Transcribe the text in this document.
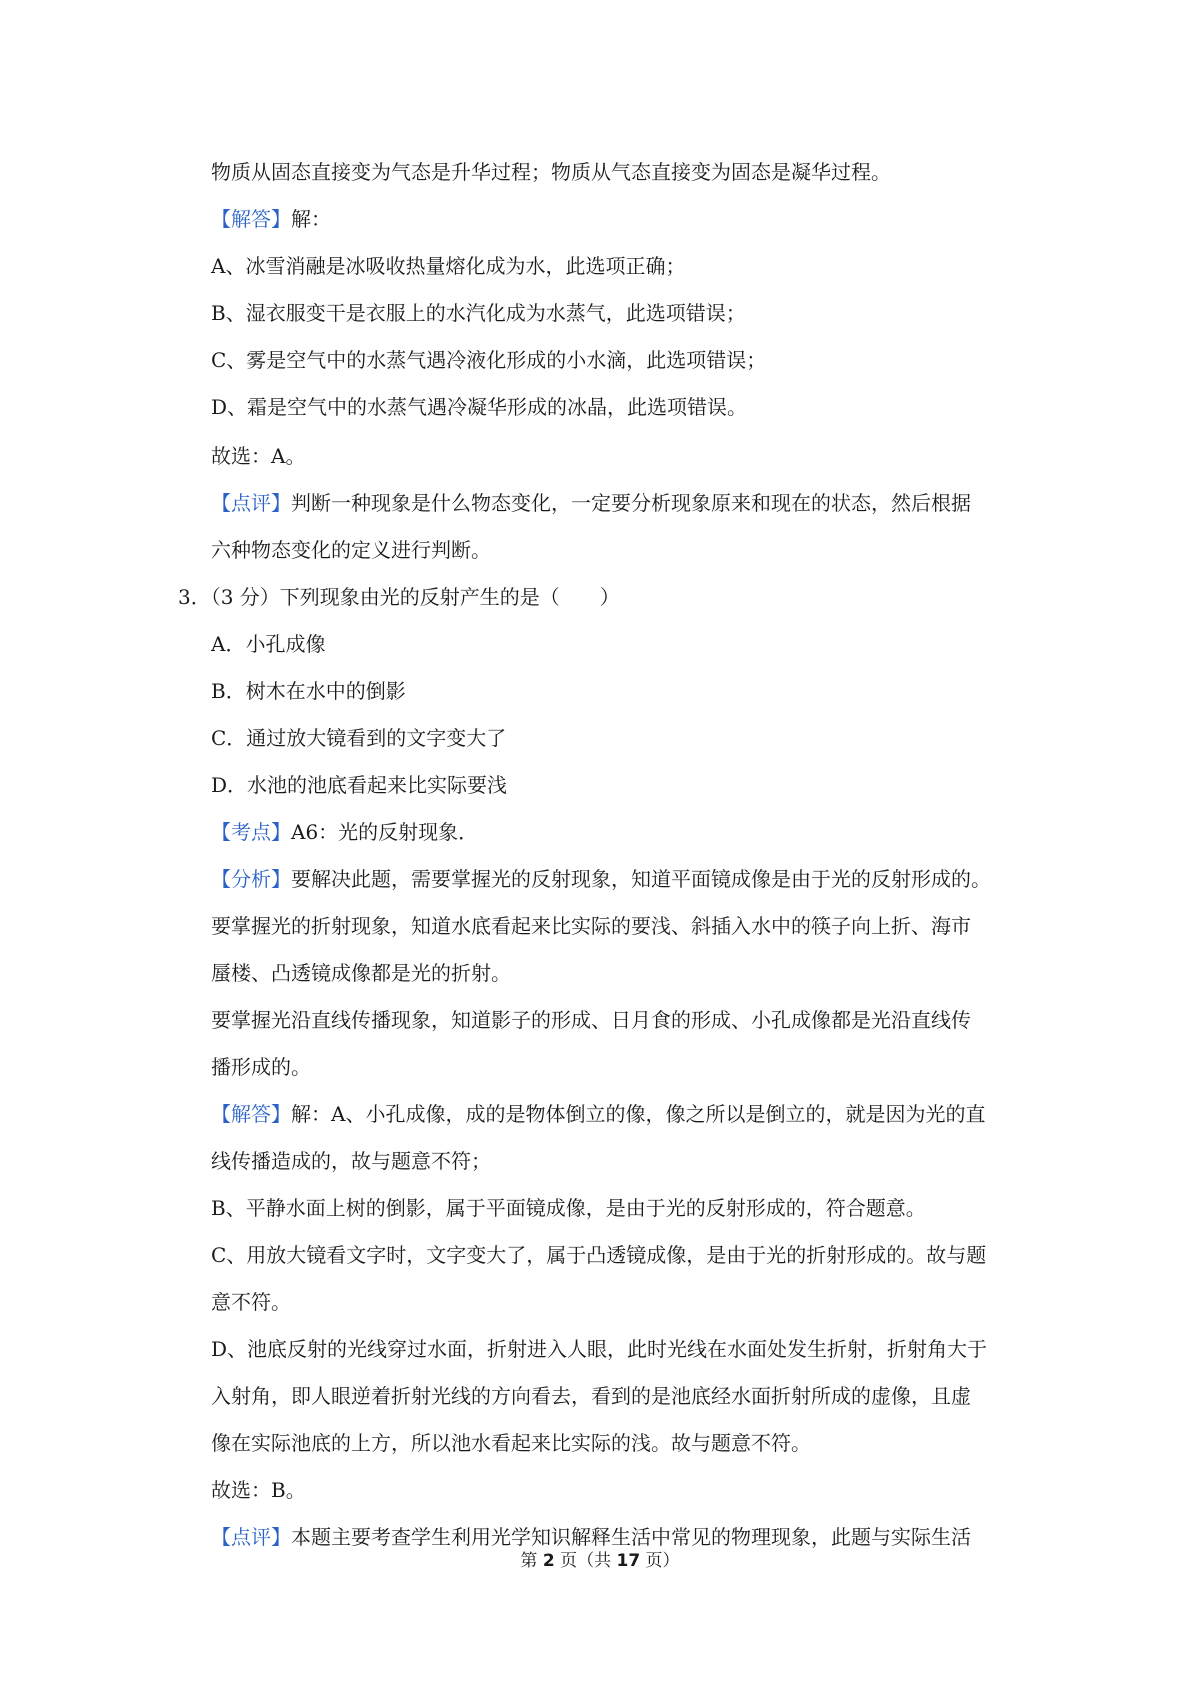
物质从固态直接变为气态是升华过程；物质从气态直接变为固态是凝华过程。
【解答】解：
A、冰雪消融是冰吸收热量熔化成为水，此选项正确；
B、湿衣服变干是衣服上的水汽化成为水蒸气，此选项错误；
C、雾是空气中的水蒸气遇冷液化形成的小水滴，此选项错误；
D、霜是空气中的水蒸气遇冷凝华形成的冰晶，此选项错误。
故选：A。
【点评】判断一种现象是什么物态变化，一定要分析现象原来和现在的状态，然后根据
六种物态变化的定义进行判断。
3．（3 分）下列现象由光的反射产生的是（　　）
A．小孔成像
B．树木在水中的倒影
C．通过放大镜看到的文字变大了
D．水池的池底看起来比实际要浅
【考点】A6：光的反射现象．
【分析】要解决此题，需要掌握光的反射现象，知道平面镜成像是由于光的反射形成的。
要掌握光的折射现象，知道水底看起来比实际的要浅、斜插入水中的筷子向上折、海市
蜃楼、凸透镜成像都是光的折射。
要掌握光沿直线传播现象，知道影子的形成、日月食的形成、小孔成像都是光沿直线传
播形成的。
【解答】解：A、小孔成像，成的是物体倒立的像，像之所以是倒立的，就是因为光的直
线传播造成的，故与题意不符；
B、平静水面上树的倒影，属于平面镜成像，是由于光的反射形成的，符合题意。
C、用放大镜看文字时，文字变大了，属于凸透镜成像，是由于光的折射形成的。故与题
意不符。
D、池底反射的光线穿过水面，折射进入人眼，此时光线在水面处发生折射，折射角大于
入射角，即人眼逆着折射光线的方向看去，看到的是池底经水面折射所成的虚像，且虚
像在实际池底的上方，所以池水看起来比实际的浅。故与题意不符。
故选：B。
【点评】本题主要考查学生利用光学知识解释生活中常见的物理现象，此题与实际生活
第 2 页（共 17 页）
